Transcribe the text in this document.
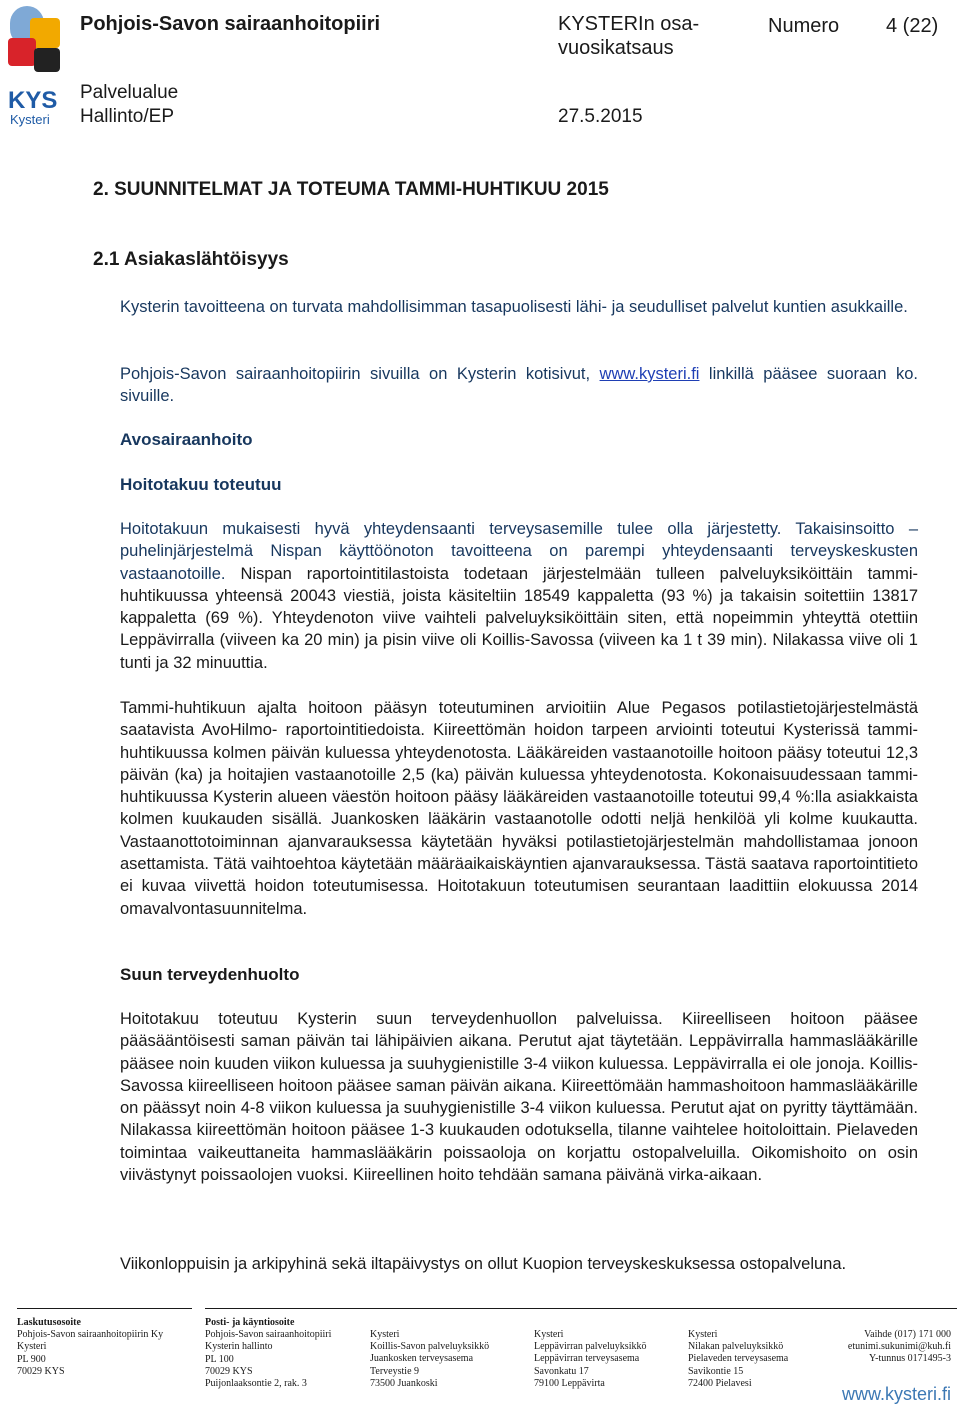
KYS
Kysteri
Pohjois-Savon sairaanhoitopiiri	KYSTERIn osa-vuosikatsaus
Numero 4 (22)
Palvelualue
Hallinto/EP	27.5.2015
2. SUUNNITELMAT JA TOTEUMA TAMMI-HUHTIKUU 2015
2.1 Asiakaslähtöisyys

Kysterin tavoitteena on turvata mahdollisimman tasapuolisesti lähi- ja seudulliset palvelut kuntien asukkaille.

Pohjois-Savon sairaanhoitopiirin sivuilla on Kysterin kotisivut, www.kysteri.fi linkillä pääsee suoraan ko. sivuille.

Avosairaanhoito
Hoitotakuu toteutuu

Hoitotakuun mukaisesti hyvä yhteydensaanti terveysasemille tulee olla järjestetty. Takaisinsoitto – puhelinjärjestelmä Nispan käyttöönoton tavoitteena on parempi yhteydensaanti terveyskeskusten vastaanotoille. Nispan raportointitilastoista todetaan järjestelmään tulleen palveluyksiköittäin tammi-huhtikuussa yhteensä 20043 viestiä, joista käsiteltiin 18549 kappaletta (93 %) ja takaisin soitettiin 13817 kappaletta (69 %). Yhteydenoton viive vaihteli palveluyksiköittäin siten, että nopeimmin yhteyttä otettiin Leppävirralla (viiveen ka 20 min) ja pisin viive oli Koillis-Savossa (viiveen ka 1 t 39 min). Nilakassa viive oli 1 tunti ja 32 minuuttia.

Tammi-huhtikuun ajalta hoitoon pääsyn toteutuminen arvioitiin Alue Pegasos potilastietojärjestelmästä saatavista AvoHilmo- raportointitiedoista. Kiireettömän hoidon tarpeen arviointi toteutui Kysterissä tammi-huhtikuussa kolmen päivän kuluessa yhteydenotosta. Lääkäreiden vastaanotoille hoitoon pääsy toteutui 12,3 päivän (ka) ja hoitajien vastaanotoille 2,5 (ka) päivän kuluessa yhteydenotosta. Kokonaisuudessaan tammi-huhtikuussa Kysterin alueen väestön hoitoon pääsy lääkäreiden vastaanotoille toteutui 99,4 %:lla asiakkaista kolmen kuukauden sisällä. Juankosken lääkärin vastaanotolle odotti neljä henkilöä yli kolme kuukautta. Vastaanottotoiminnan ajanvarauksessa käytetään hyväksi potilastietojärjestelmän mahdollistamaa jonoon asettamista. Tätä vaihtoehtoa käytetään määräaikaiskäyntien ajanvarauksessa. Tästä saatava raportointitieto ei kuvaa viivettä hoidon toteutumisessa. Hoitotakuun toteutumisen seurantaan laadittiin elokuussa 2014 omavalvontasuunnitelma.

Suun terveydenhuolto

Hoitotakuu toteutuu Kysterin suun terveydenhuollon palveluissa. Kiireelliseen hoitoon pääsee pääsääntöisesti saman päivän tai lähipäivien aikana. Perutut ajat täytetään. Leppävirralla hammaslääkärille pääsee noin kuuden viikon kuluessa ja suuhygienistille 3-4 viikon kuluessa. Leppävirralla ei ole jonoja. Koillis-Savossa kiireelliseen hoitoon pääsee saman päivän aikana. Kiireettömään hammashoitoon hammaslääkärille on päässyt noin 4-8 viikon kuluessa ja suuhygienistille 3-4 viikon kuluessa. Perutut ajat on pyritty täyttämään. Nilakassa kiireettömän hoitoon pääsee 1-3 kuukauden odotuksella, tilanne vaihtelee hoitoloittain. Pielaveden toimintaa vaikeuttaneita hammaslääkärin poissaoloja on korjattu ostopalveluilla. Oikomishoito on osin viivästynyt poissaolojen vuoksi. Kiireellinen hoito tehdään samana päivänä virka-aikaan.

Viikonloppuisin ja arkipyhinä sekä iltapäivystys on ollut Kuopion terveyskeskuksessa ostopalveluna.

Laskutusosoite
Pohjois-Savon sairaanhoitopiirin Ky
Kysteri
PL 900
70029 KYS
Posti- ja käyntiosoite
Pohjois-Savon sairaanhoitopiiri
Kysterin hallinto
PL 100
70029 KYS
Puijonlaaksontie 2, rak. 3
Kysteri
Koillis-Savon palveluyksikkö
Juankosken terveysasema
Terveystie 9
73500 Juankoski
Kysteri
Leppävirran palveluyksikkö
Leppävirran terveysasema
Savonkatu 17
79100 Leppävirta
Kysteri
Nilakan palveluyksikkö
Pielaveden terveysasema
Savikontie 15
72400 Pielavesi
Vaihde (017) 171 000
etunimi.sukunimi@kuh.fi
Y-tunnus 0171495-3
www.kysteri.fi
